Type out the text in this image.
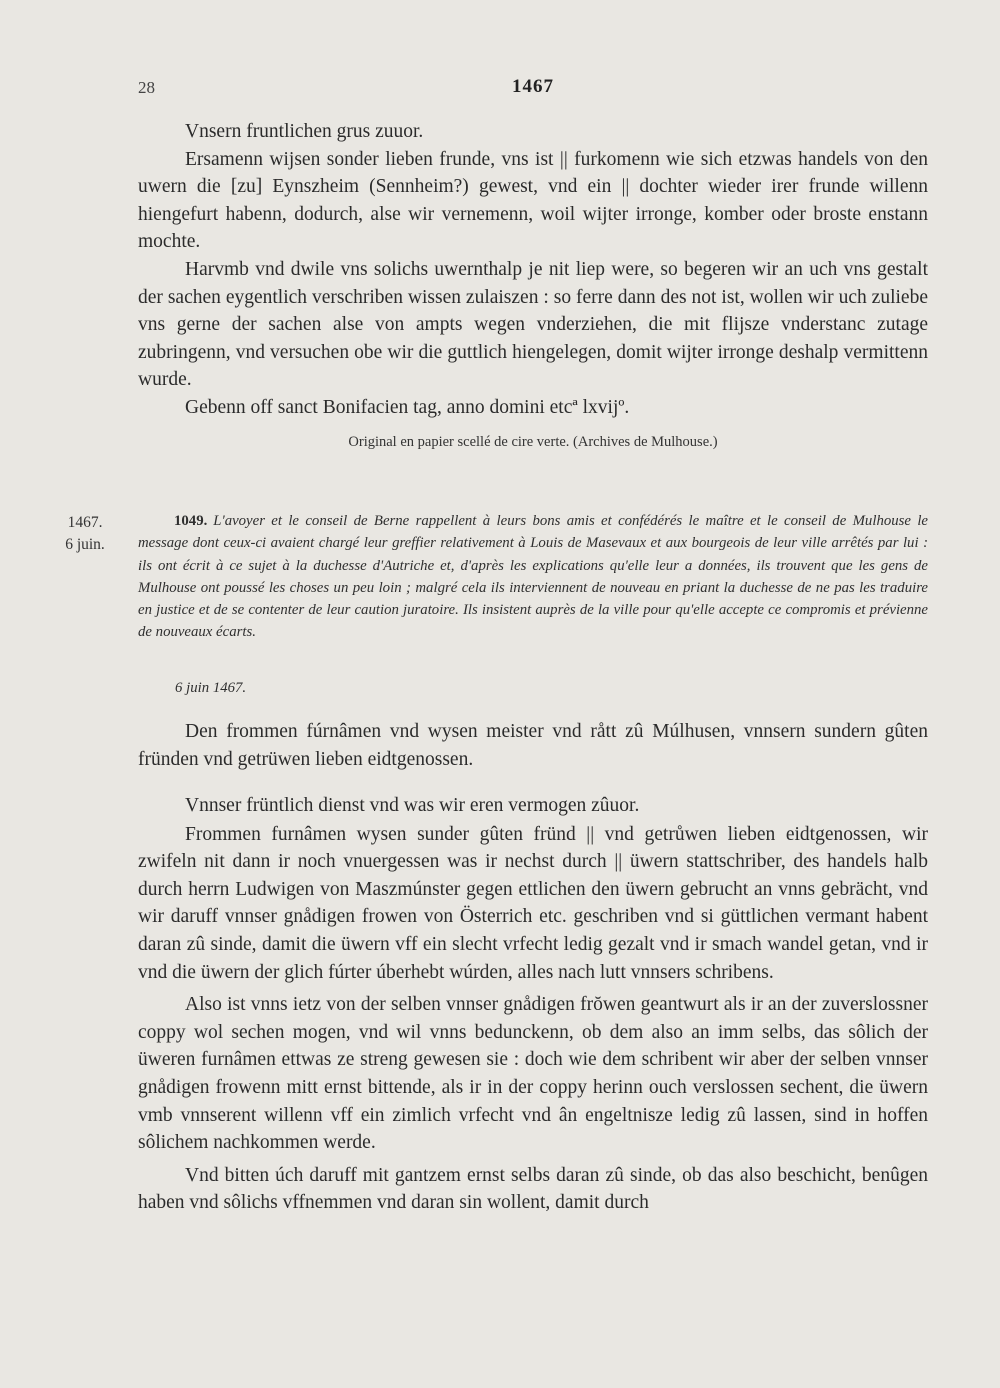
28	1467

Vnsern fruntlichen grus zuuor.

Ersamenn wijsen sonder lieben frunde, vns ist || furkomenn wie sich etzwas handels von den uwern die [zu] Eynszheim (Sennheim?) gewest, vnd ein || dochter wieder irer frunde willenn hiengefurt habenn, dodurch, alse wir vernemenn, woil wijter irronge, komber oder broste enstann mochte.

Harvmb vnd dwile vns solichs uwernthalp je nit liep were, so begeren wir an uch vns gestalt der sachen eygentlich verschriben wissen zulaiszen : so ferre dann des not ist, wollen wir uch zuliebe vns gerne der sachen alse von ampts wegen vnderziehen, die mit flijsze vnderstanc zutage zubringenn, vnd versuchen obe wir die guttlich hiengelegen, domit wijter irronge deshalp vermittenn wurde.

Gebenn off sanct Bonifacien tag, anno domini etcª lxvijº.

Original en papier scellé de cire verte. (Archives de Mulhouse.)
1467.
6 juin.
1049. L'avoyer et le conseil de Berne rappellent à leurs bons amis et confédérés le maître et le conseil de Mulhouse le message dont ceux-ci avaient chargé leur greffier relativement à Louis de Masevaux et aux bourgeois de leur ville arrêtés par lui : ils ont écrit à ce sujet à la duchesse d'Autriche et, d'après les explications qu'elle leur a données, ils trouvent que les gens de Mulhouse ont poussé les choses un peu loin ; malgré cela ils interviennent de nouveau en priant la duchesse de ne pas les traduire en justice et de se contenter de leur caution juratoire. Ils insistent auprès de la ville pour qu'elle accepte ce compromis et prévienne de nouveaux écarts.
6 juin 1467.

Den frommen fúrnâmen vnd wysen meister vnd rått zû Múlhusen, vnnsern sundern gûten fründen vnd getrüwen lieben eidtgenossen.

Vnnser früntlich dienst vnd was wir eren vermogen zûuor.

Frommen furnâmen wysen sunder gûten fründ || vnd getrůwen lieben eidtgenossen, wir zwifeln nit dann ir noch vnuergessen was ir nechst durch || üwern stattschriber, des handels halb durch herrn Ludwigen von Maszmúnster gegen ettlichen den üwern gebrucht an vnns gebrächt, vnd wir daruff vnnser gnådigen frowen von Österrich etc. geschriben vnd si güttlichen vermant habent daran zû sinde, damit die üwern vff ein slecht vrfecht ledig gezalt vnd ir smach wandel getan, vnd ir vnd die üwern der glich fúrter úberhebt wúrden, alles nach lutt vnnsers schribens.

Also ist vnns ietz von der selben vnnser gnådigen frŏwen geantwurt als ir an der zuverslossner coppy wol sechen mogen, vnd wil vnns bedunckenn, ob dem also an imm selbs, das sôlich der üweren furnâmen ettwas ze streng gewesen sie : doch wie dem schribent wir aber der selben vnnser gnådigen frowenn mitt ernst bittende, als ir in der coppy herinn ouch verslossen sechent, die üwern vmb vnnserent willenn vff ein zimlich vrfecht vnd ân engeltnisze ledig zû lassen, sind in hoffen sôlichem nachkommen werde.

Vnd bitten úch daruff mit gantzem ernst selbs daran zû sinde, ob das also beschicht, benûgen haben vnd sôlichs vffnemmen vnd daran sin wollent, damit durch
